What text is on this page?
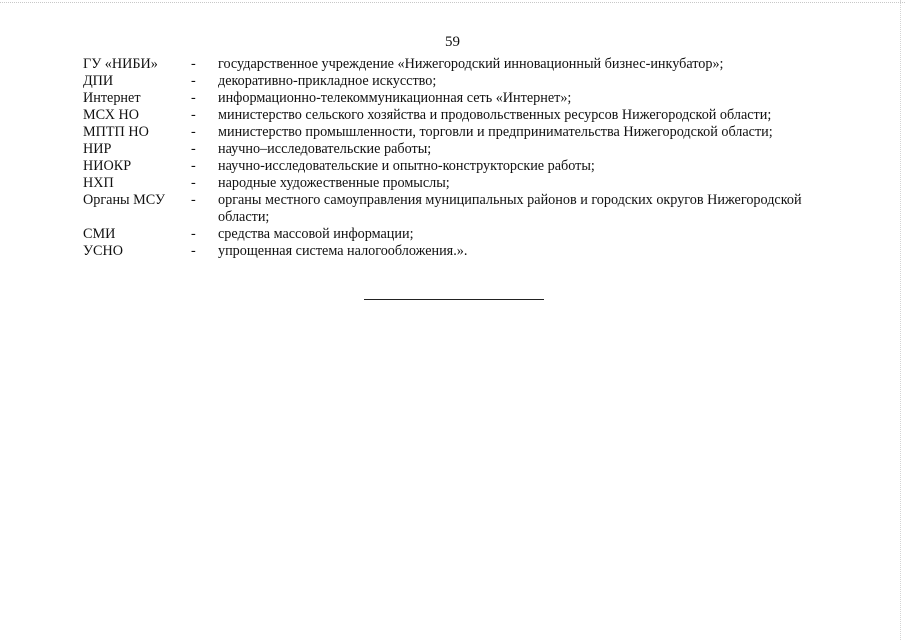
59
ГУ «НИБИ» - государственное учреждение «Нижегородский инновационный бизнес-инкубатор»;
ДПИ	- декоративно-прикладное искусство;
Интернет	- информационно-телекоммуникационная сеть «Интернет»;
МСХ НО	- министерство сельского хозяйства и продовольственных ресурсов Нижегородской области;
МПТП НО	- министерство промышленности, торговли и предпринимательства Нижегородской области;
НИР	- научно–исследовательские работы;
НИОКР	- научно-исследовательские и опытно-конструкторские работы;
НХП	- народные художественные промыслы;
Органы МСУ - органы местного самоуправления муниципальных районов и городских округов Нижегородской области;
СМИ	- средства массовой информации;
УСНО	- упрощенная система налогообложения.».
